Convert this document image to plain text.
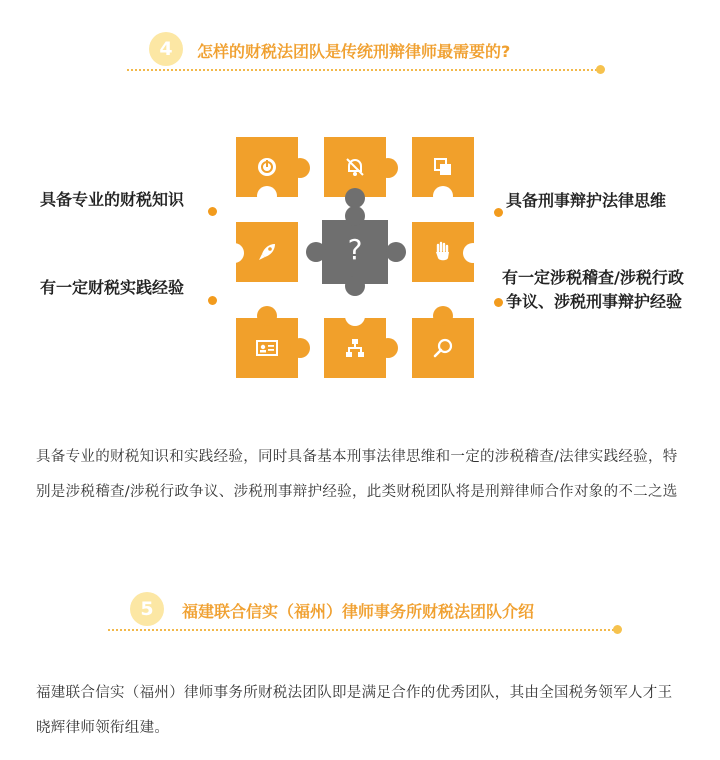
4	怎样的财税法团队是传统刑辩律师最需要的?
具备专业的财税知识
有一定财税实践经验
具备刑事辩护法律思维
有一定涉税稽查/涉税行政
争议、涉税刑事辩护经验
?
具备专业的财税知识和实践经验，同时具备基本刑事法律思维和一定的涉税稽查/法律实践经验，特别是涉税稽查/涉税行政争议、涉税刑事辩护经验，此类财税团队将是刑辩律师合作对象的不二之选
5	福建联合信实（福州）律师事务所财税法团队介绍
福建联合信实（福州）律师事务所财税法团队即是满足合作的优秀团队，其由全国税务领军人才王晓辉律师领衔组建。
